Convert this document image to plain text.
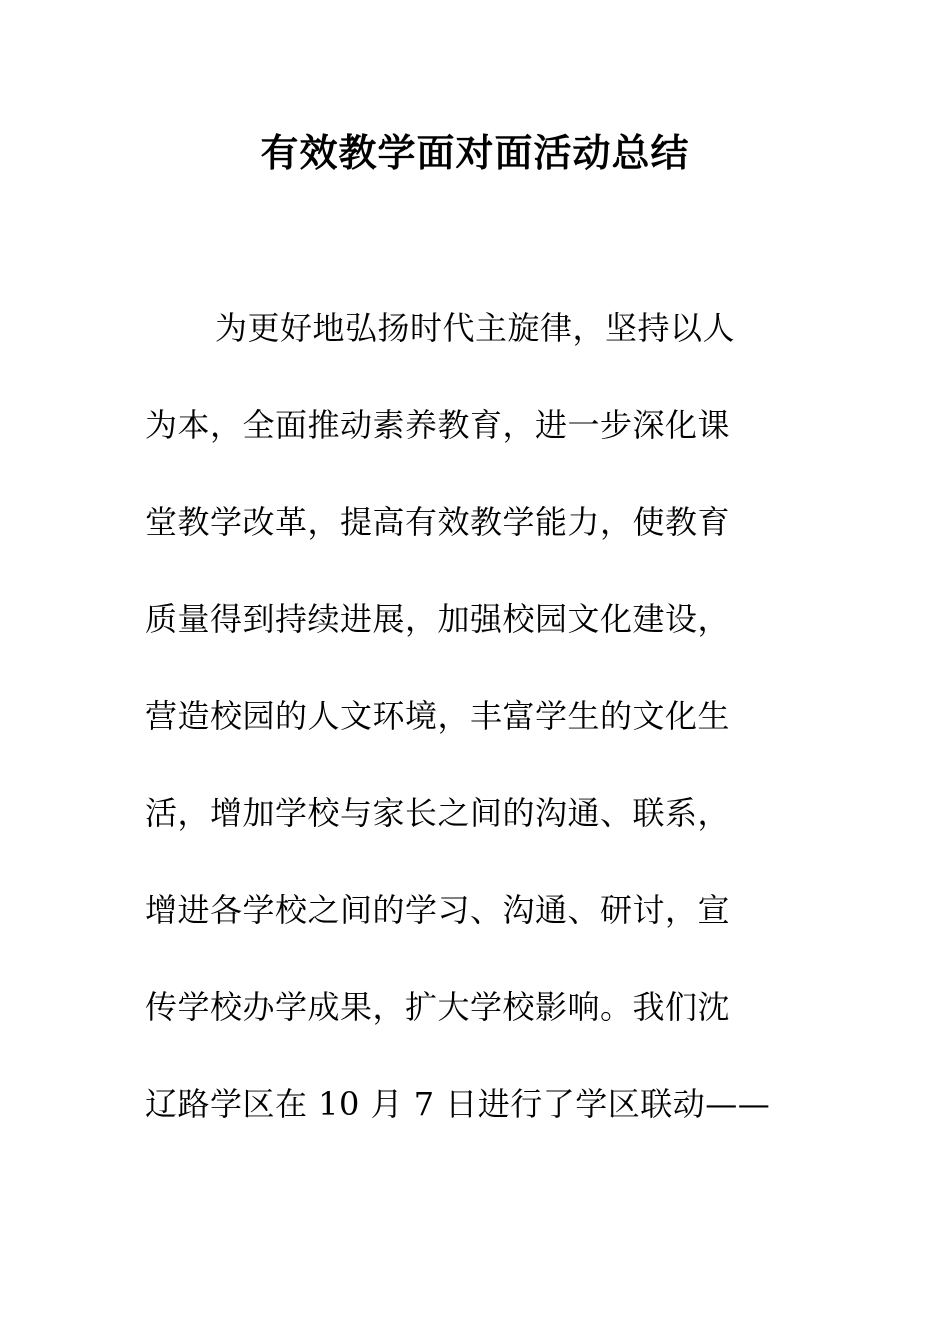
有效教学面对面活动总结
为更好地弘扬时代主旋律，坚持以人
为本，全面推动素养教育，进一步深化课
堂教学改革，提高有效教学能力，使教育
质量得到持续进展，加强校园文化建设，
营造校园的人文环境，丰富学生的文化生
活，增加学校与家长之间的沟通、联系，
增进各学校之间的学习、沟通、研讨，宣
传学校办学成果，扩大学校影响。我们沈
辽路学区在 10 月 7 日进行了学区联动——
